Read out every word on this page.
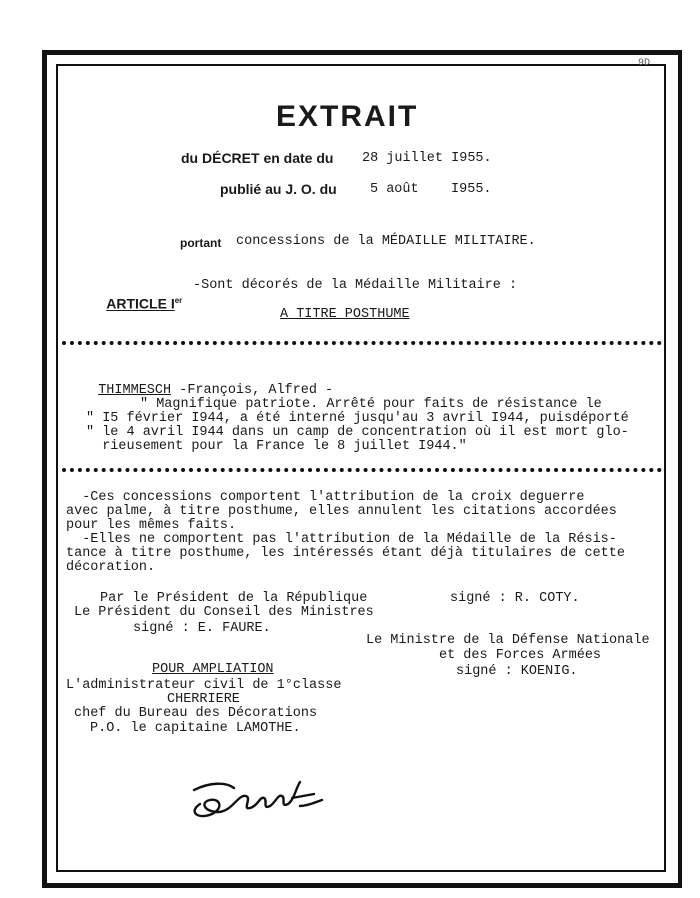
9D
EXTRAIT
du DÉCRET en date du 28 juillet I955.
publié au J. O. du 5 août    I955.
portant concessions de la MÉDAILLE MILITAIRE.

ARTICLE Ier

-Sont décorés de la Médaille Militaire :
A TITRE POSTHUME

THIMMESCH -François, Alfred -

" Magnifique patriote. Arrêté pour faits de résistance le
" I5 février I944, a été interné jusqu'au 3 avril I944, puisdéporté
" le 4 avril I944 dans un camp de concentration où il est mort glo-
rieusement pour la France le 8 juillet I944."
-Ces concessions comportent l'attribution de la croix deguerre
avec palme, à titre posthume, elles annulent les citations accordées
pour les mêmes faits.
-Elles ne comportent pas l'attribution de la Médaille de la Résis-
tance à titre posthume, les intéressés étant déjà titulaires de cette
décoration.
Par le Président de la République	signé : R. COTY.
Le Président du Conseil des Ministres
signé : E. FAURE.
Le Ministre de la Défense Nationale
et des Forces Armées
signé : KOENIG.
POUR AMPLIATION
L'administrateur civil de 1°classe
CHERRIERE
chef du Bureau des Décorations
P.O. le capitaine LAMOTHE.
